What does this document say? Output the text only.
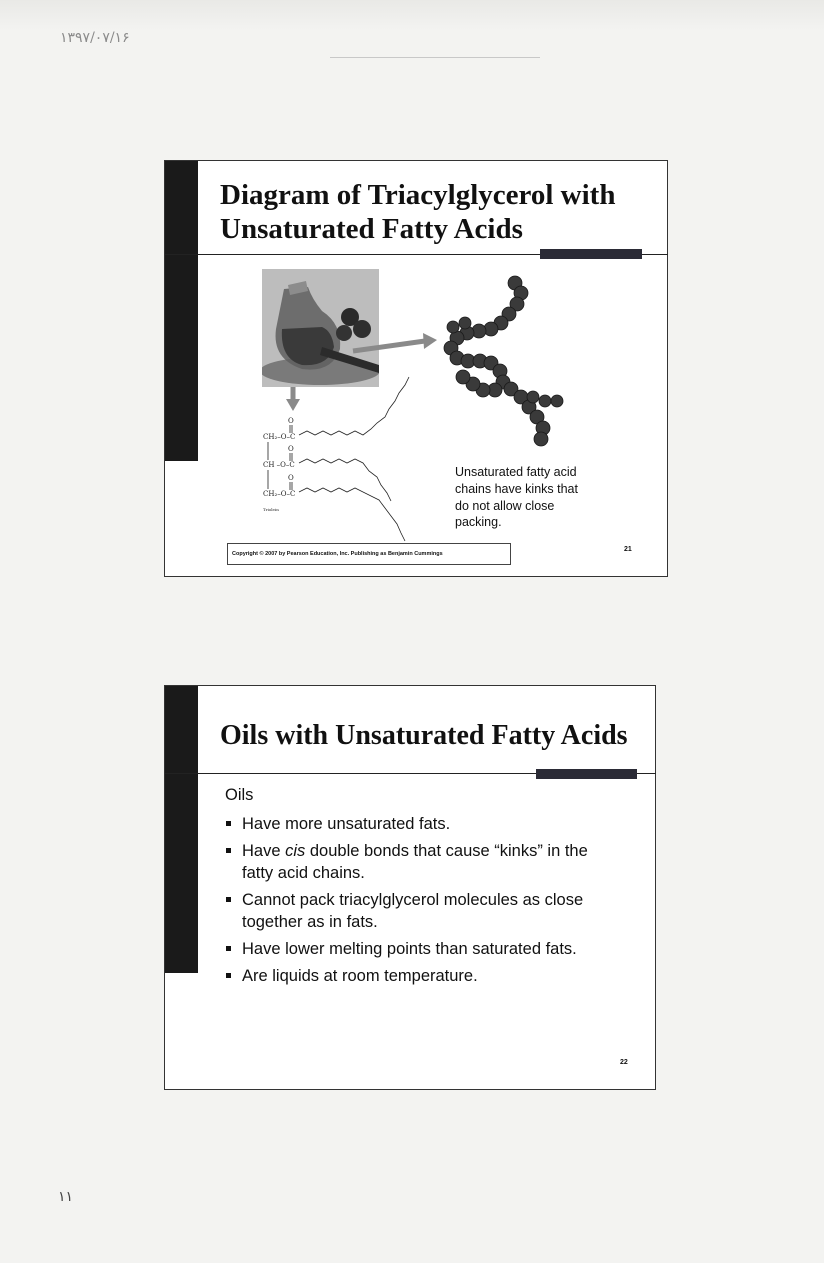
۱۳۹۷/۰۷/۱۶
Diagram of Triacylglycerol with
Unsaturated Fatty Acids
CH₂–O–C
CH –O–C
CH₂–O–C
O
O
O
Triolein

Unsaturated fatty acid
chains have kinks that
do not allow close
packing.

Copyright © 2007 by Pearson Education, Inc. Publishing as Benjamin Cummings
21
Oils with Unsaturated Fatty Acids

Oils

Have more unsaturated fats.
Have cis double bonds that cause “kinks” in the fatty acid chains.
Cannot pack triacylglycerol molecules as close together as in fats.
Have lower melting points than saturated fats.
Are liquids at room temperature.
22
۱۱
